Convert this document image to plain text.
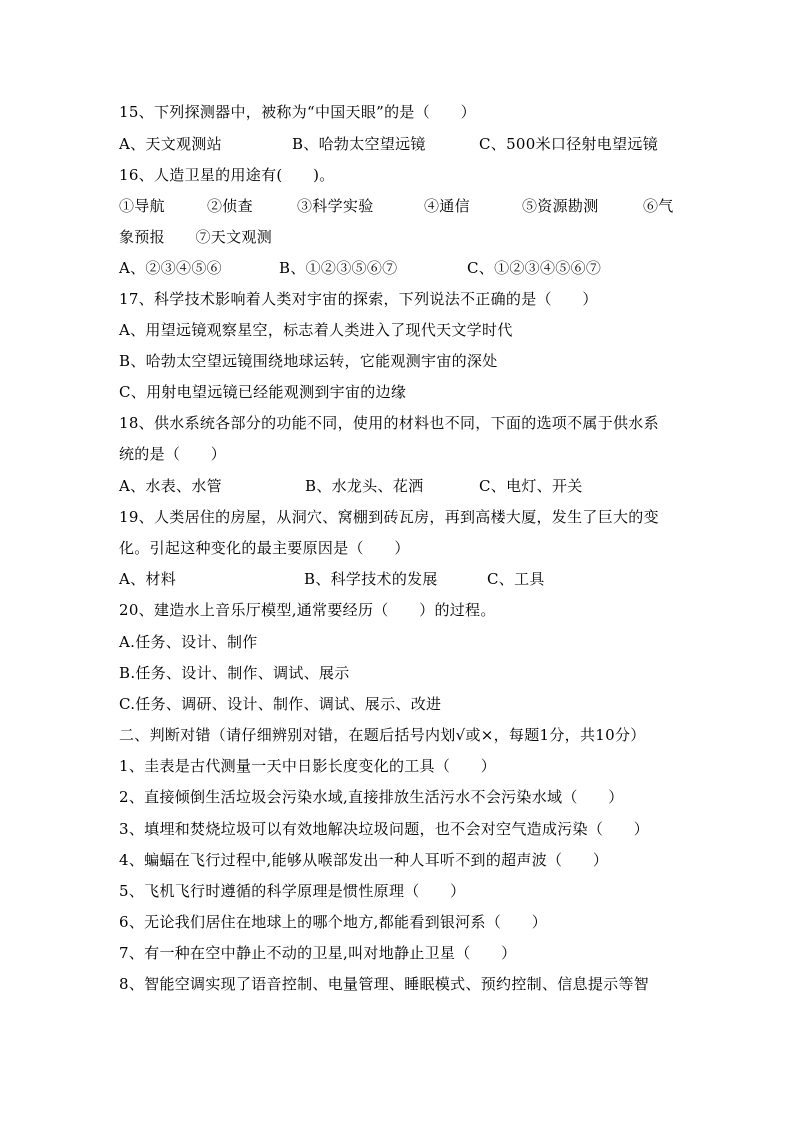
15、下列探测器中，被称为“中国天眼”的是（　　）
A、天文观测站	B、哈勃太空望远镜	C、500米口径射电望远镜
16、人造卫星的用途有(　　)。
①导航	②侦查	③科学实验	④通信	⑤资源勘测	⑥气
象预报　　⑦天文观测
A、②③④⑤⑥	B、①②③⑤⑥⑦	C、①②③④⑤⑥⑦
17、科学技术影响着人类对宇宙的探索，下列说法不正确的是（　　）
A、用望远镜观察星空，标志着人类进入了现代天文学时代
B、哈勃太空望远镜围绕地球运转，它能观测宇宙的深处
C、用射电望远镜已经能观测到宇宙的边缘
18、供水系统各部分的功能不同，使用的材料也不同，下面的选项不属于供水系
统的是（　　）
A、水表、水管	B、水龙头、花洒	C、电灯、开关
19、人类居住的房屋，从洞穴、窝棚到砖瓦房，再到高楼大厦，发生了巨大的变
化。引起这种变化的最主要原因是（　　）
A、材料	B、科学技术的发展	C、工具
20、建造水上音乐厅模型,通常要经历（　　）的过程。
A.任务、设计、制作
B.任务、设计、制作、调试、展示
C.任务、调研、设计、制作、调试、展示、改进
二、判断对错（请仔细辨别对错，在题后括号内划√或×，每题1分，共10分）
1、圭表是古代测量一天中日影长度变化的工具（　　）
2、直接倾倒生活垃圾会污染水域,直接排放生活污水不会污染水域（　　）
3、填埋和焚烧垃圾可以有效地解决垃圾问题，也不会对空气造成污染（　　）
4、蝙蝠在飞行过程中,能够从喉部发出一种人耳听不到的超声波（　　）
5、飞机飞行时遵循的科学原理是惯性原理（　　）
6、无论我们居住在地球上的哪个地方,都能看到银河系（　　）
7、有一种在空中静止不动的卫星,叫对地静止卫星（　　）
8、智能空调实现了语音控制、电量管理、睡眠模式、预约控制、信息提示等智
